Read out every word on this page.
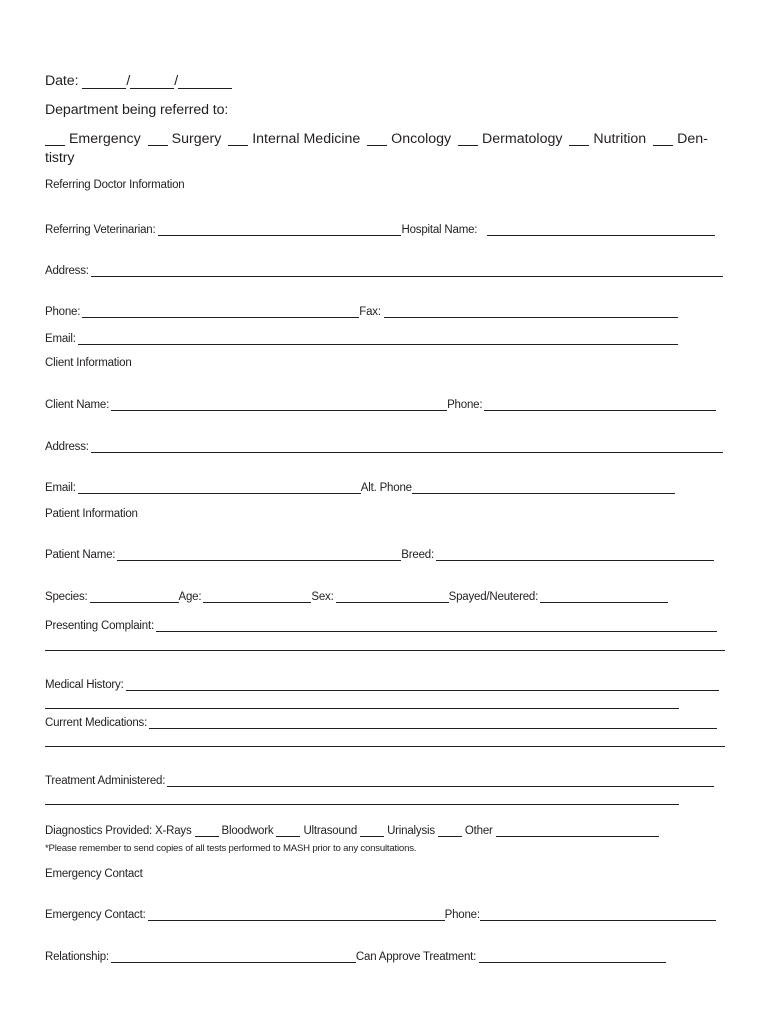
Date:	/	/
Department being referred to:
Emergency Surgery Internal Medicine Oncology Dermatology Nutrition Den-
tistry
Referring Doctor Information
Referring Veterinarian:	Hospital Name:
Address:
Phone:	Fax:
Email:
Client Information
Client Name:	Phone:
Address:
Email:	Alt. Phone
Patient Information
Patient Name:	Breed:
Species:	Age:	Sex:	Spayed/Neutered:
Presenting Complaint:
Medical History:
Current Medications:
Treatment Administered:
Diagnostics Provided: X-Rays	Bloodwork	Ultrasound	Urinalysis	Other
*Please remember to send copies of all tests performed to MASH prior to any consultations.
Emergency Contact
Emergency Contact:	Phone:
Relationship:	Can Approve Treatment:
